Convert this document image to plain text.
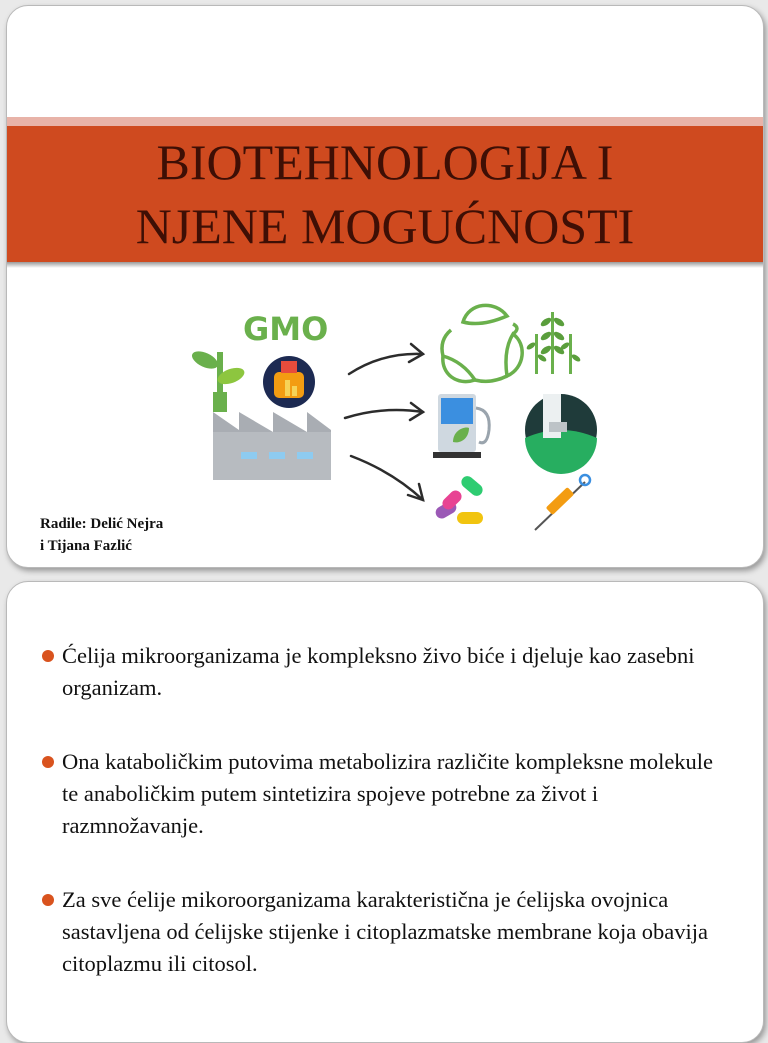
BIOTEHNOLOGIJA I
NJENE MOGUĆNOSTI
GMO
Radile: Delić Nejra
i Tijana Fazlić
Ćelija mikroorganizama je kompleksno živo biće i djeluje kao zasebni organizam.
Ona kataboličkim putovima metabolizira različite kompleksne molekule te anaboličkim putem sintetizira spojeve potrebne za život i razmnožavanje.
Za sve ćelije mikoroorganizama karakteristična je ćelijska ovojnica sastavljena od ćelijske stijenke i citoplazmatske membrane koja obavija citoplazmu ili citosol.
